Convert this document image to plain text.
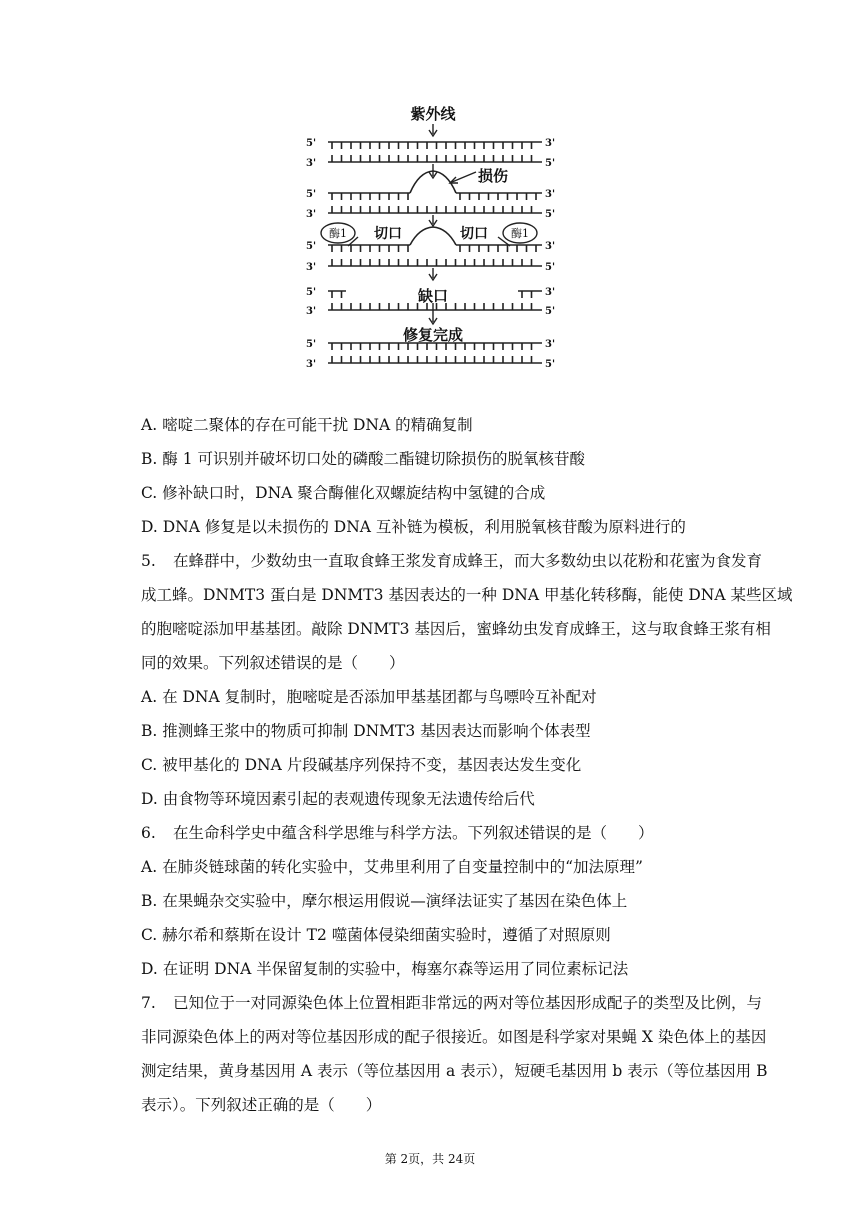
紫外线
损伤
酶1	酶1
切口	切口
缺口
修复完成
5'	3'
3'	5'
5'	3'
3'	5'
5'	3'
3'	5'
5'	3'
3'	5'
5'	3'
3'	5'
A. 嘧啶二聚体的存在可能干扰 DNA 的精确复制
B. 酶 1 可识别并破坏切口处的磷酸二酯键切除损伤的脱氧核苷酸
C. 修补缺口时，DNA 聚合酶催化双螺旋结构中氢键的合成
D. DNA 修复是以未损伤的 DNA 互补链为模板，利用脱氧核苷酸为原料进行的
5. 在蜂群中，少数幼虫一直取食蜂王浆发育成蜂王，而大多数幼虫以花粉和花蜜为食发育
成工蜂。DNMT3 蛋白是 DNMT3 基因表达的一种 DNA 甲基化转移酶，能使 DNA 某些区域
的胞嘧啶添加甲基基团。敲除 DNMT3 基因后，蜜蜂幼虫发育成蜂王，这与取食蜂王浆有相
同的效果。下列叙述错误的是（　　）
A. 在 DNA 复制时，胞嘧啶是否添加甲基基团都与鸟嘌呤互补配对
B. 推测蜂王浆中的物质可抑制 DNMT3 基因表达而影响个体表型
C. 被甲基化的 DNA 片段碱基序列保持不变，基因表达发生变化
D. 由食物等环境因素引起的表观遗传现象无法遗传给后代
6. 在生命科学史中蕴含科学思维与科学方法。下列叙述错误的是（　　）
A. 在肺炎链球菌的转化实验中，艾弗里利用了自变量控制中的“加法原理”
B. 在果蝇杂交实验中，摩尔根运用假说—演绎法证实了基因在染色体上
C. 赫尔希和蔡斯在设计 T2 噬菌体侵染细菌实验时，遵循了对照原则
D. 在证明 DNA 半保留复制的实验中，梅塞尔森等运用了同位素标记法
7. 已知位于一对同源染色体上位置相距非常远的两对等位基因形成配子的类型及比例，与
非同源染色体上的两对等位基因形成的配子很接近。如图是科学家对果蝇 X 染色体上的基因
测定结果，黄身基因用 A 表示（等位基因用 a 表示），短硬毛基因用 b 表示（等位基因用 B
表示）。下列叙述正确的是（　　）
第 2页，共 24页
